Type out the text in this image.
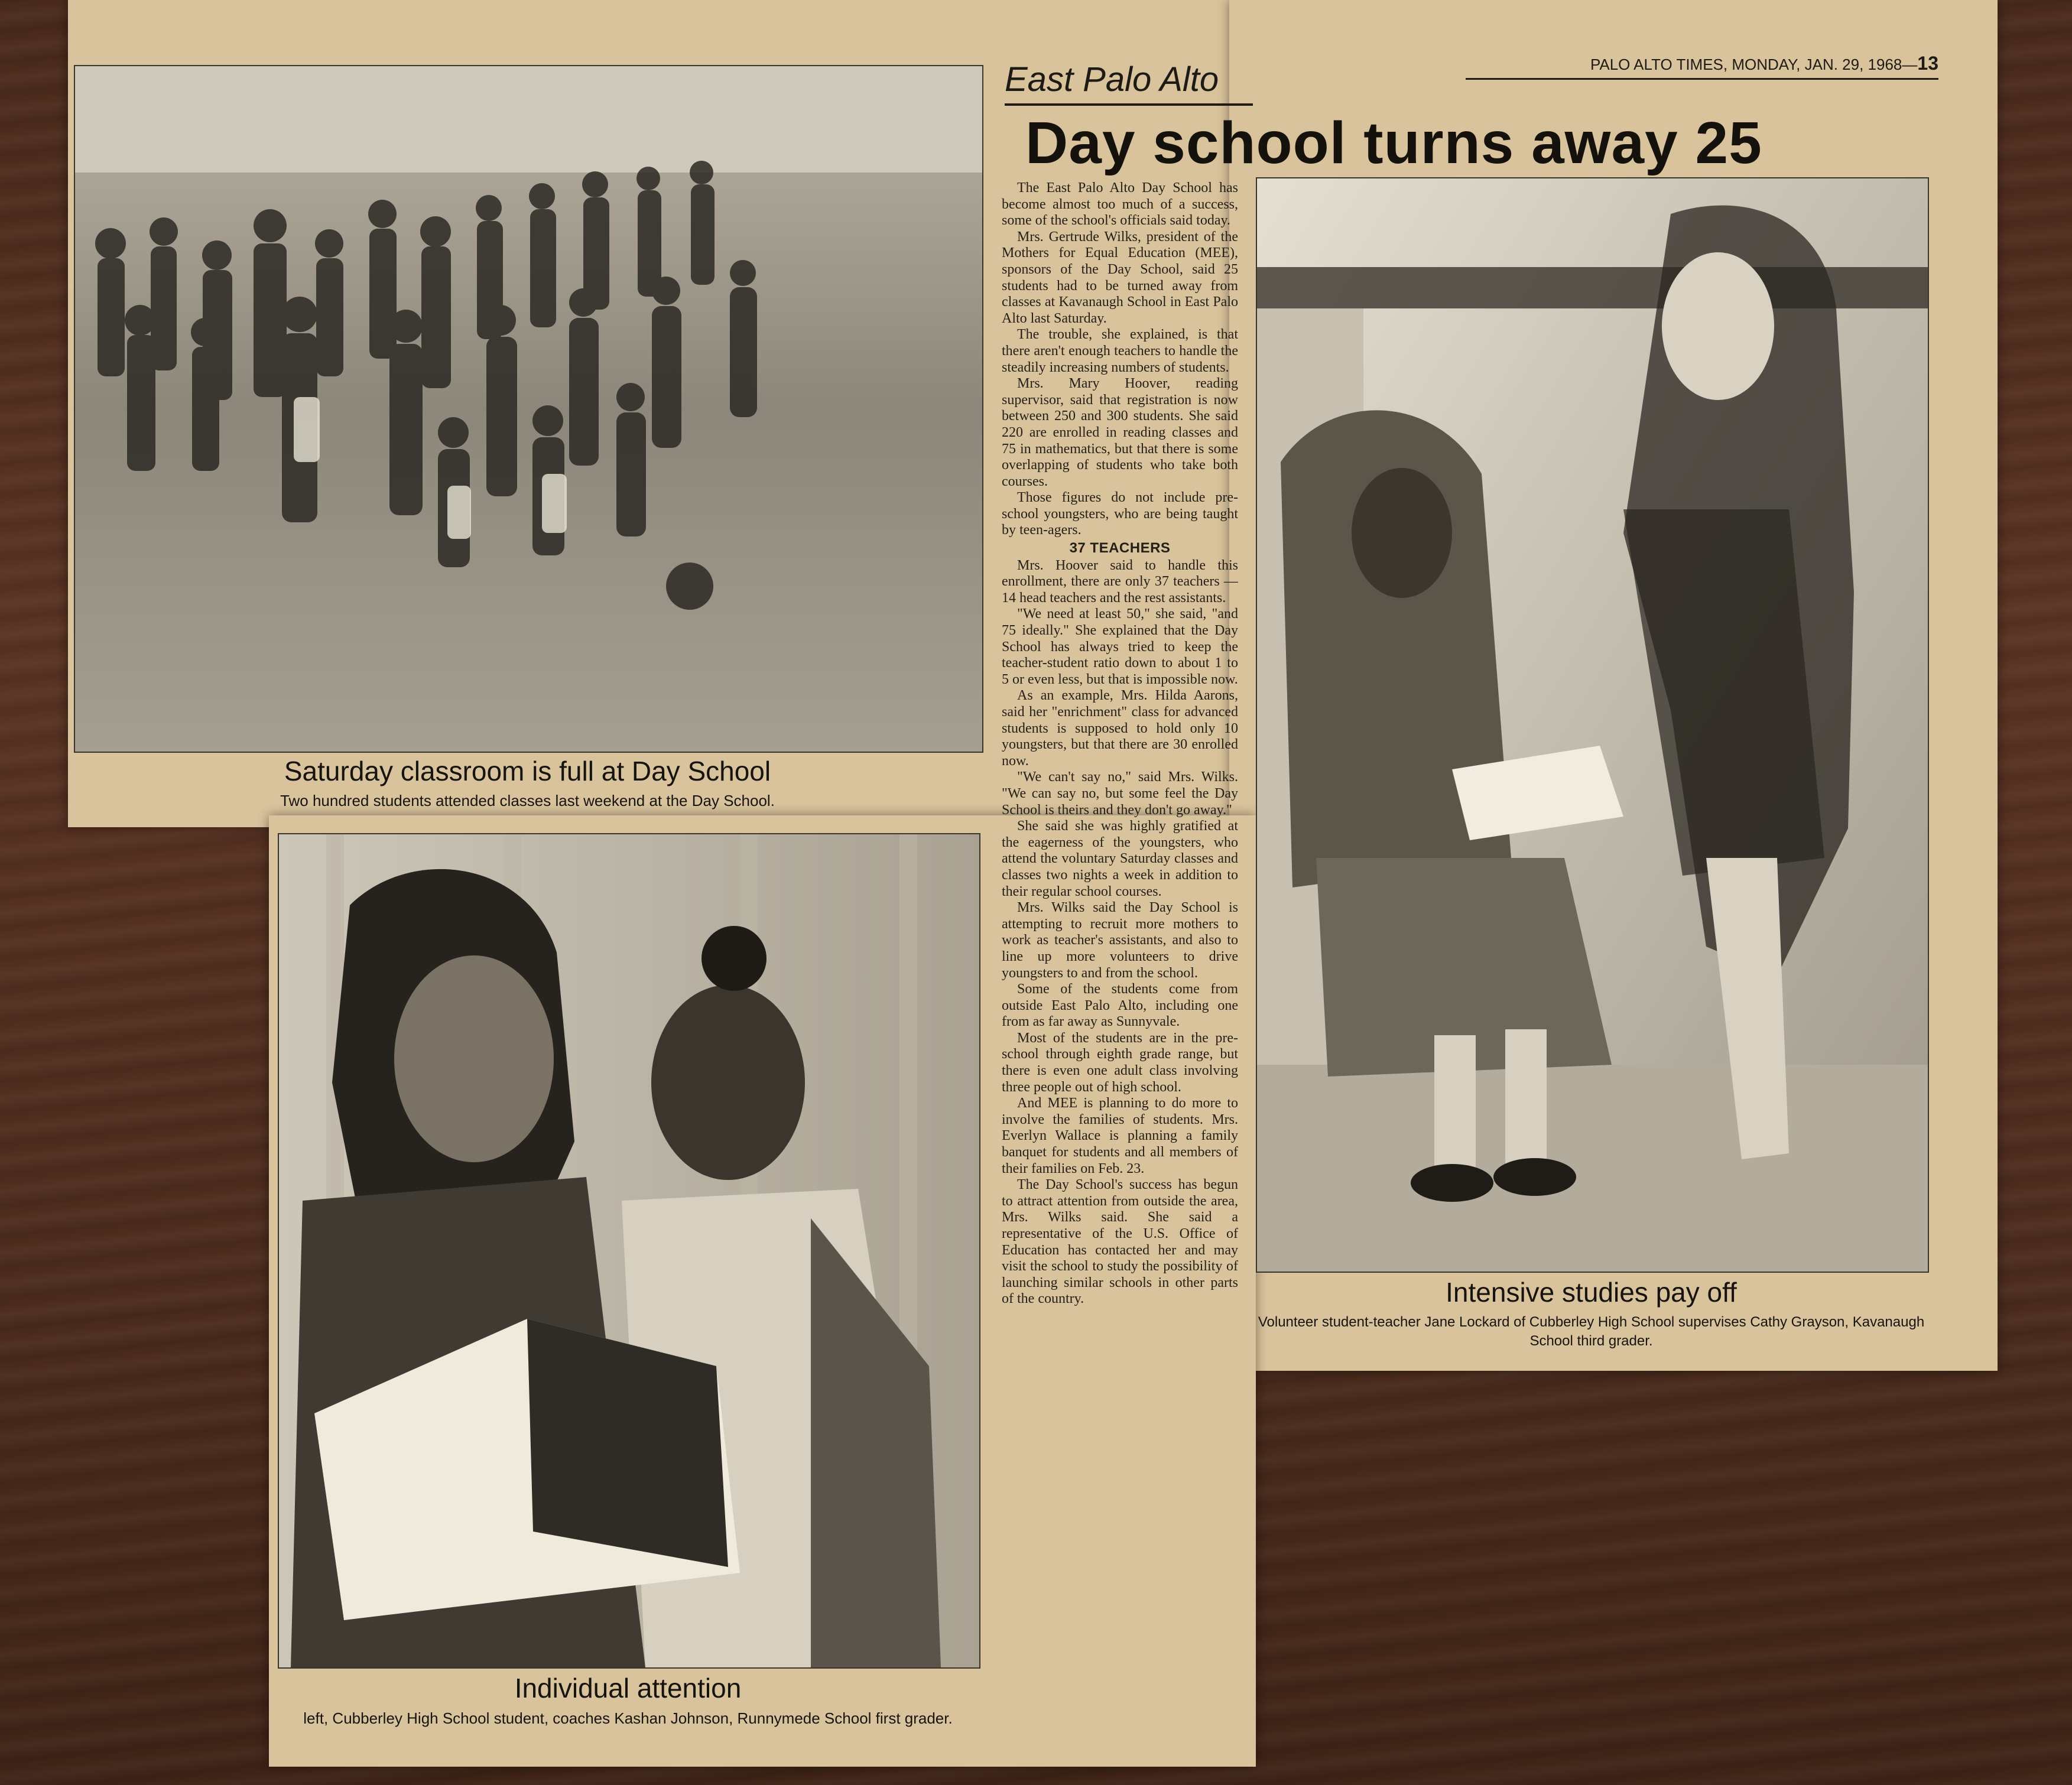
East Palo Alto	PALO ALTO TIMES, MONDAY, JAN. 29, 1968—13
Day school turns away 25

The East Palo Alto Day School has become almost too much of a success, some of the school's officials said today.

Mrs. Gertrude Wilks, president of the Mothers for Equal Education (MEE), sponsors of the Day School, said 25 students had to be turned away from classes at Kavanaugh School in East Palo Alto last Saturday.

The trouble, she explained, is that there aren't enough teachers to handle the steadily increasing numbers of students.

Mrs. Mary Hoover, reading supervisor, said that registration is now between 250 and 300 students. She said 220 are enrolled in reading classes and 75 in mathematics, but that there is some overlapping of students who take both courses.

Those figures do not include pre-school youngsters, who are being taught by teen-agers.

37 TEACHERS

Mrs. Hoover said to handle this enrollment, there are only 37 teachers — 14 head teachers and the rest assistants.

"We need at least 50," she said, "and 75 ideally." She explained that the Day School has always tried to keep the teacher-student ratio down to about 1 to 5 or even less, but that is impossible now.

As an example, Mrs. Hilda Aarons, said her "enrichment" class for advanced students is supposed to hold only 10 youngsters, but that there are 30 enrolled now.

"We can't say no," said Mrs. Wilks. "We can say no, but some feel the Day School is theirs and they don't go away."

She said she was highly gratified at the eagerness of the youngsters, who attend the voluntary Saturday classes and classes two nights a week in addition to their regular school courses.

Mrs. Wilks said the Day School is attempting to recruit more mothers to work as teacher's assistants, and also to line up more volunteers to drive youngsters to and from the school.

Some of the students come from outside East Palo Alto, including one from as far away as Sunnyvale.

Most of the students are in the pre-school through eighth grade range, but there is even one adult class involving three people out of high school.

And MEE is planning to do more to involve the families of students. Mrs. Everlyn Wallace is planning a family banquet for students and all members of their families on Feb. 23.

The Day School's success has begun to attract attention from outside the area, Mrs. Wilks said. She said a representative of the U.S. Office of Education has contacted her and may visit the school to study the possibility of launching similar schools in other parts of the country.

Saturday classroom is full at Day School
Two hundred students attended classes last weekend at the Day School.
Intensive studies pay off
Volunteer student-teacher Jane Lockard of Cubberley High School supervises Cathy Grayson, Kavanaugh School third grader.
Individual attention
left, Cubberley High School student, coaches Kashan Johnson, Runnymede School first grader.
